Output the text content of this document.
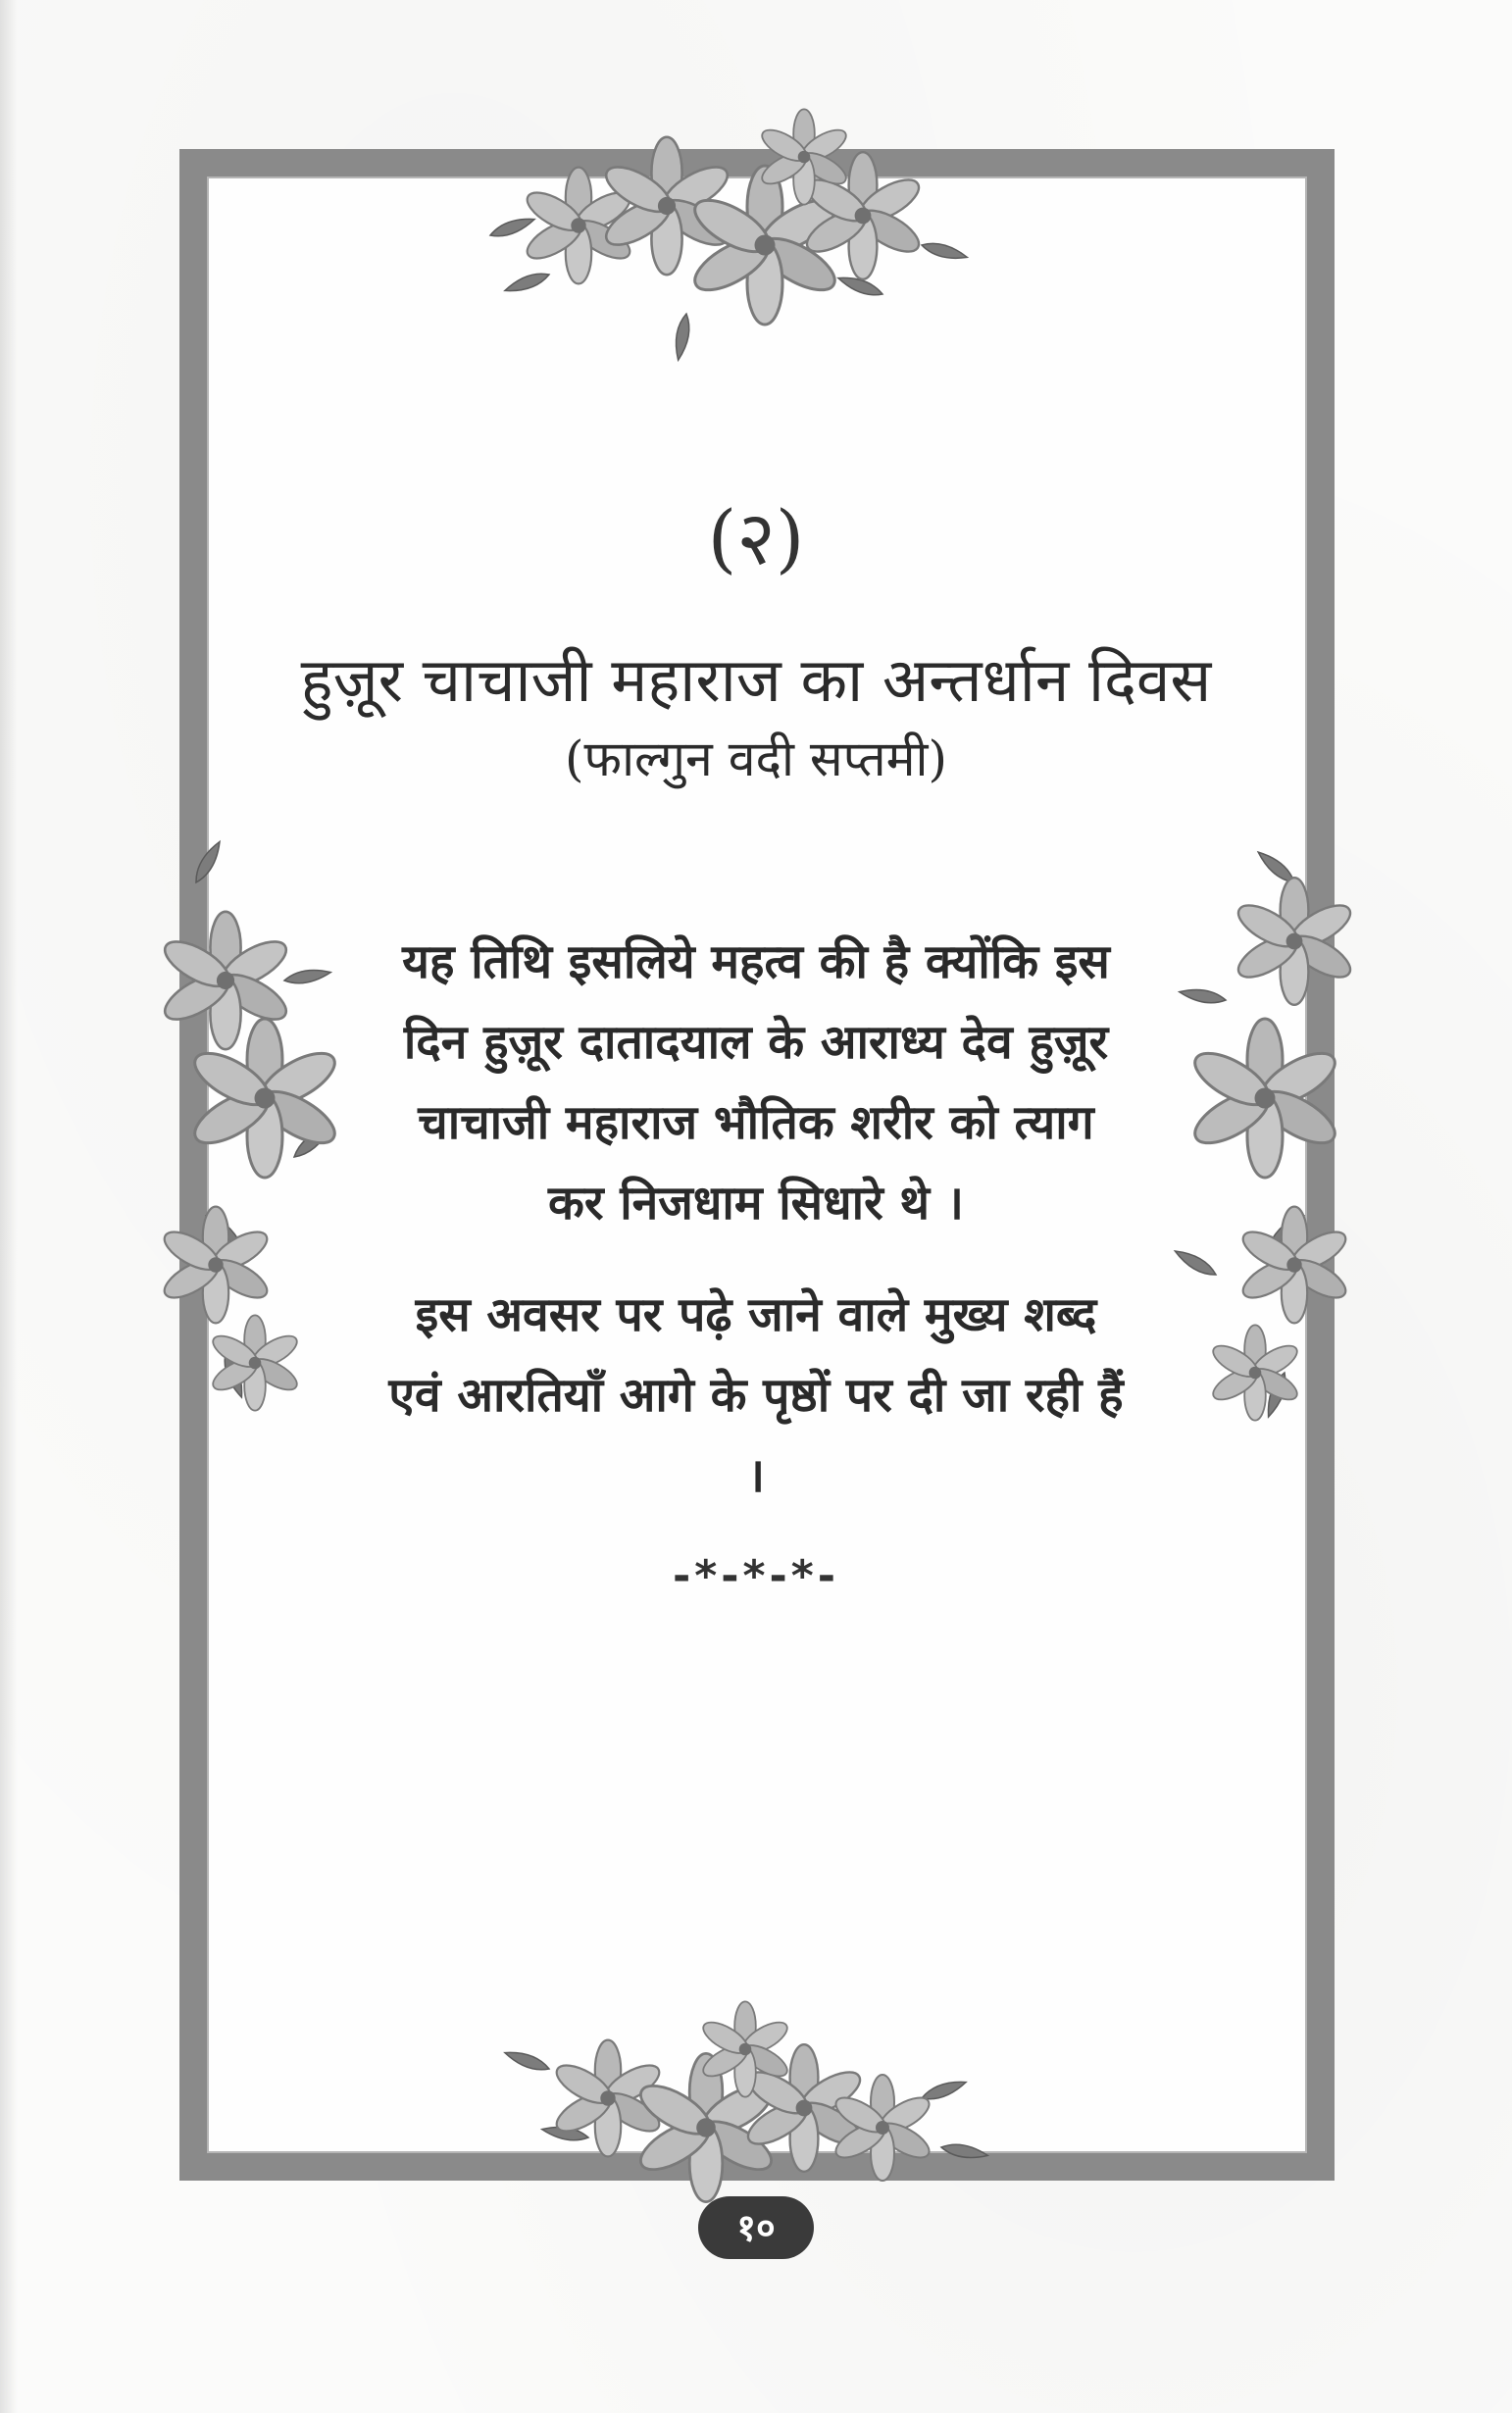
(२)
हुज़ूर चाचाजी महाराज का अन्तर्धान दिवस
(फाल्गुन वदी सप्तमी)
यह तिथि इसलिये महत्व की है क्योंकि इस दिन हुज़ूर दातादयाल के आराध्य देव हुज़ूर चाचाजी महाराज भौतिक शरीर को त्याग कर निजधाम सिधारे थे ।
इस अवसर पर पढ़े जाने वाले मुख्य शब्द एवं आरतियाँ आगे के पृष्ठों पर दी जा रही हैं ।
-*-*-*-
१०
